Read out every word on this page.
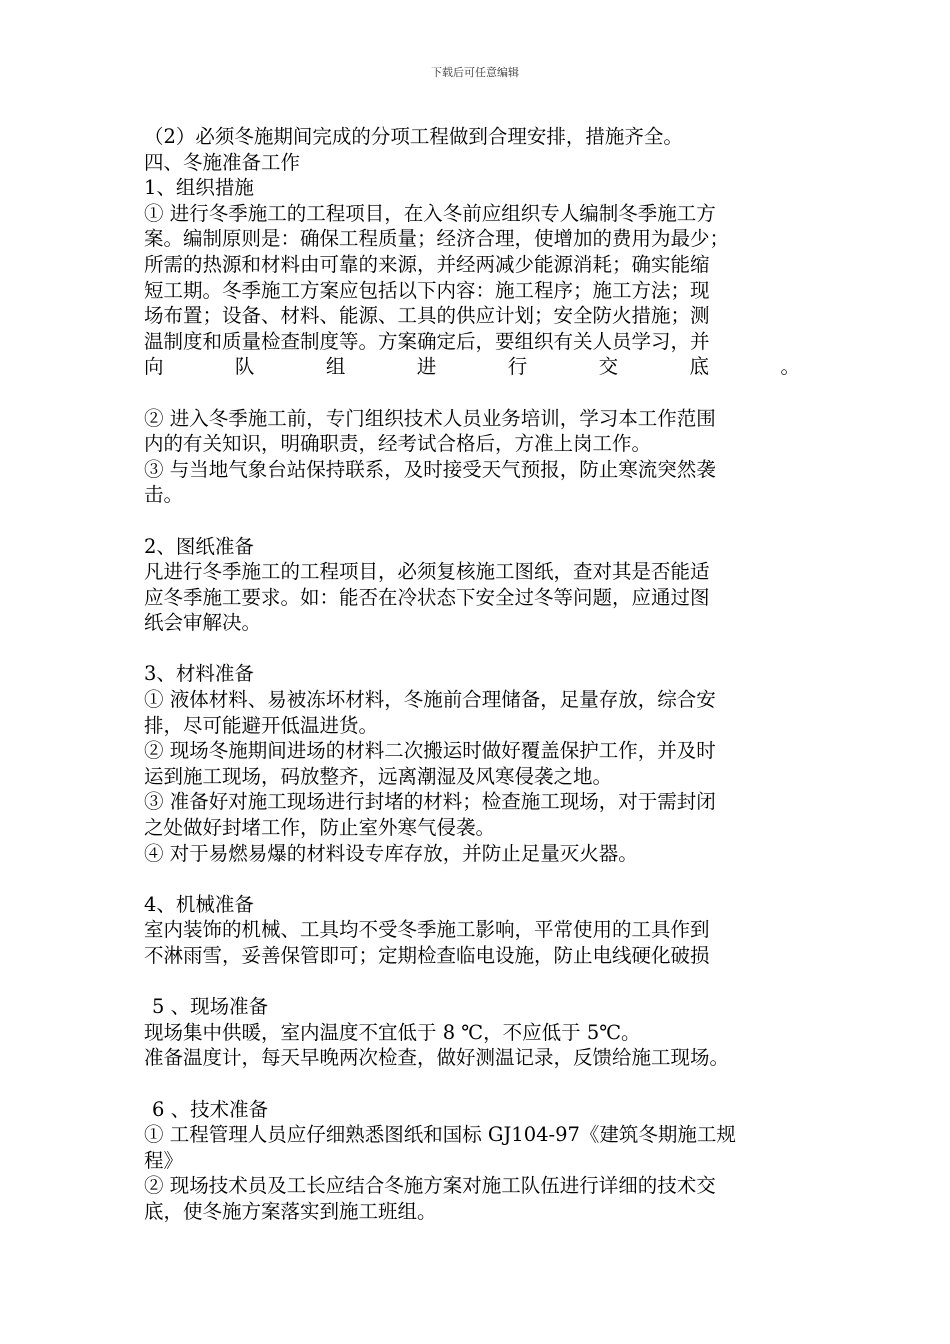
下载后可任意编辑
（2）必须冬施期间完成的分项工程做到合理安排，措施齐全。
四、冬施准备工作
1、组织措施
① 进行冬季施工的工程项目，在入冬前应组织专人编制冬季施工方
案。编制原则是：确保工程质量；经济合理，使增加的费用为最少；
所需的热源和材料由可靠的来源，并经两减少能源消耗；确实能缩
短工期。冬季施工方案应包括以下内容：施工程序；施工方法；现
场布置；设备、材料、能源、工具的供应计划；安全防火措施；测
温制度和质量检查制度等。方案确定后，要组织有关人员学习，并
向	队	组	进	行	交	底	。
② 进入冬季施工前，专门组织技术人员业务培训，学习本工作范围
内的有关知识，明确职责，经考试合格后，方准上岗工作。
③ 与当地气象台站保持联系，及时接受天气预报，防止寒流突然袭
击。
2、图纸准备
凡进行冬季施工的工程项目，必须复核施工图纸，查对其是否能适
应冬季施工要求。如：能否在冷状态下安全过冬等问题，应通过图
纸会审解决。
3、材料准备
① 液体材料、易被冻坏材料，冬施前合理储备，足量存放，综合安
排，尽可能避开低温进货。
② 现场冬施期间进场的材料二次搬运时做好覆盖保护工作，并及时
运到施工现场，码放整齐，远离潮湿及风寒侵袭之地。
③ 准备好对施工现场进行封堵的材料；检查施工现场，对于需封闭
之处做好封堵工作，防止室外寒气侵袭。
④ 对于易燃易爆的材料设专库存放，并防止足量灭火器。
4、机械准备
室内装饰的机械、工具均不受冬季施工影响，平常使用的工具作到
不淋雨雪，妥善保管即可；定期检查临电设施，防止电线硬化破损
5 、现场准备
现场集中供暖，室内温度不宜低于 8 ℃，不应低于 5℃。
准备温度计，每天早晚两次检查，做好测温记录，反馈给施工现场。
6 、技术准备
① 工程管理人员应仔细熟悉图纸和国标 GJ104-97《建筑冬期施工规
程》
② 现场技术员及工长应结合冬施方案对施工队伍进行详细的技术交
底，使冬施方案落实到施工班组。
